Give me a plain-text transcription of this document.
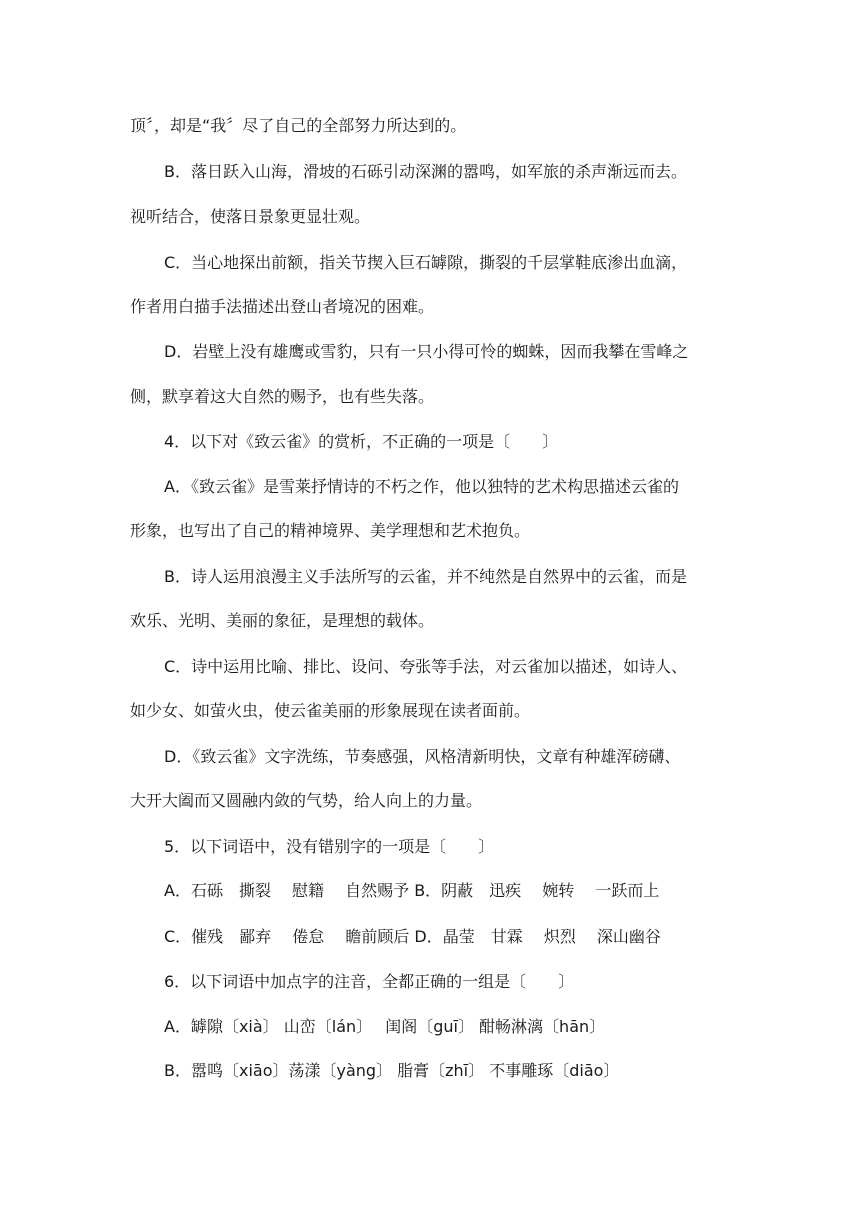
顶〞，却是“我〞尽了自己的全部努力所达到的。
B．落日跃入山海，滑坡的石砾引动深渊的嚣鸣，如军旅的杀声渐远而去。
视听结合，使落日景象更显壮观。
C．当心地探出前额，指关节揳入巨石罅隙，撕裂的千层掌鞋底渗出血滴，
作者用白描手法描述出登山者境况的困难。
D．岩壁上没有雄鹰或雪豹，只有一只小得可怜的蜘蛛，因而我攀在雪峰之
侧，默享着这大自然的赐予，也有些失落。
4．以下对《致云雀》的赏析，不正确的一项是〔　　〕
A．《致云雀》是雪莱抒情诗的不朽之作，他以独特的艺术构思描述云雀的
形象，也写出了自己的精神境界、美学理想和艺术抱负。
B．诗人运用浪漫主义手法所写的云雀，并不纯然是自然界中的云雀，而是
欢乐、光明、美丽的象征，是理想的载体。
C．诗中运用比喻、排比、设问、夸张等手法，对云雀加以描述，如诗人、
如少女、如萤火虫，使云雀美丽的形象展现在读者面前。
D．《致云雀》文字洗练，节奏感强，风格清新明快，文章有种雄浑磅礴、
大开大阖而又圆融内敛的气势，给人向上的力量。
5．以下词语中，没有错别字的一项是〔　　〕
A．石砾　撕裂　 慰籍　 自然赐予 B．阴蔽　迅疾　 婉转　 一跃而上
C．催残　鄙弃　 倦怠　 瞻前顾后 D．晶莹　甘霖　 炽烈　 深山幽谷
6．以下词语中加点字的注音，全都正确的一组是〔　　〕
A．罅隙〔xià〕 山峦〔lán〕　 闺阁〔guī〕 酣畅淋漓〔hān〕
B．嚣鸣〔xiāo〕荡漾〔yàng〕 脂膏〔zhī〕 不事雕琢〔diāo〕
